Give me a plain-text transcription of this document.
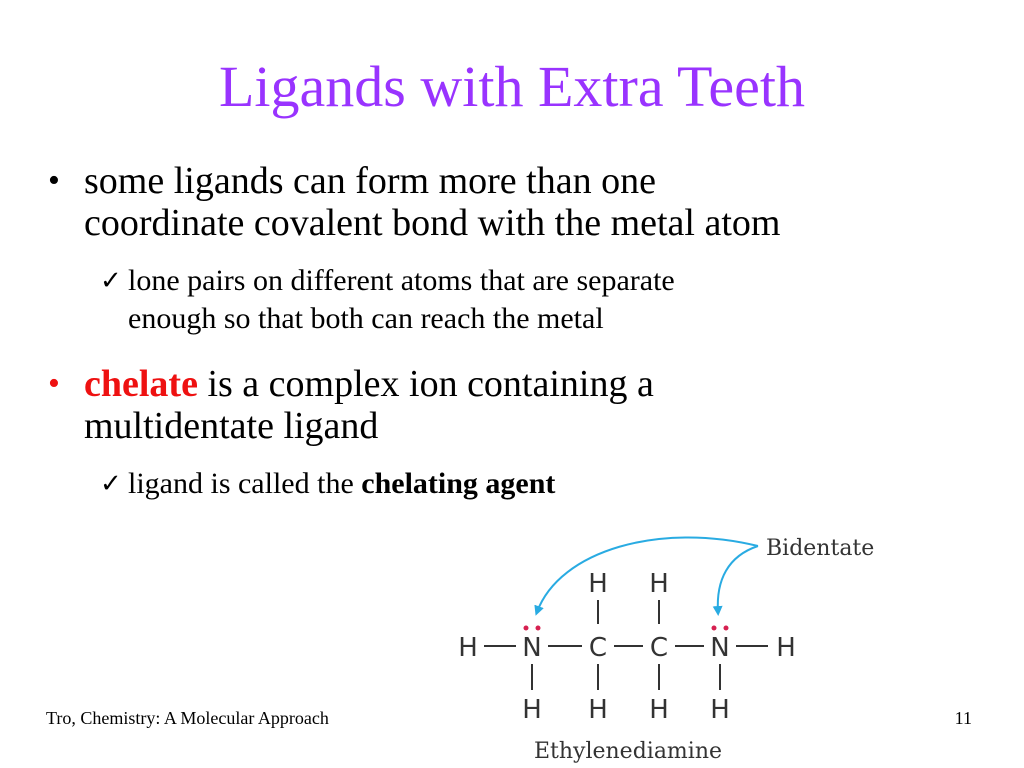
Ligands with Extra Teeth
• some ligands can form more than one
coordinate covalent bond with the metal atom
✓ lone pairs on different atoms that are separate
enough so that both can reach the metal
• chelate is a complex ion containing a
multidentate ligand
✓ ligand is called the chelating agent
Bidentate
H H
H N C C N H
H H H H
Ethylenediamine
Tro, Chemistry: A Molecular Approach	11
